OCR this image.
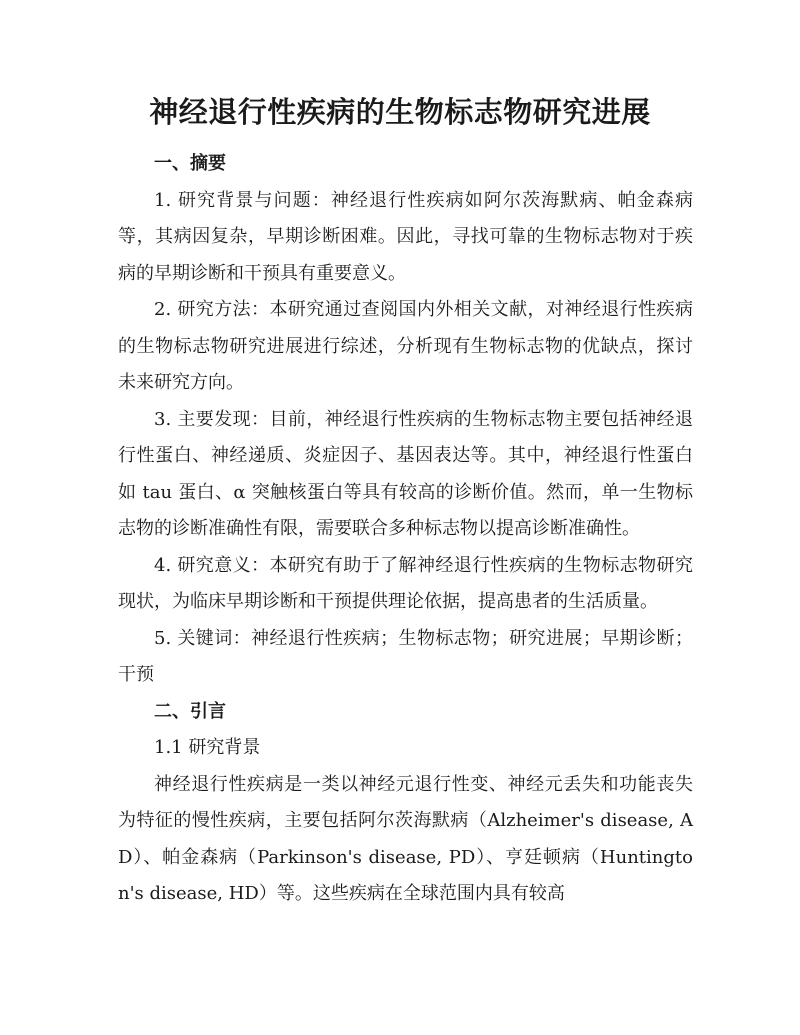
神经退行性疾病的生物标志物研究进展

一、摘要

1. 研究背景与问题：神经退行性疾病如阿尔茨海默病、帕金森病等，其病因复杂，早期诊断困难。因此，寻找可靠的生物标志物对于疾病的早期诊断和干预具有重要意义。

2. 研究方法：本研究通过查阅国内外相关文献，对神经退行性疾病的生物标志物研究进展进行综述，分析现有生物标志物的优缺点，探讨未来研究方向。

3. 主要发现：目前，神经退行性疾病的生物标志物主要包括神经退行性蛋白、神经递质、炎症因子、基因表达等。其中，神经退行性蛋白如 tau 蛋白、α 突触核蛋白等具有较高的诊断价值。然而，单一生物标志物的诊断准确性有限，需要联合多种标志物以提高诊断准确性。

4. 研究意义：本研究有助于了解神经退行性疾病的生物标志物研究现状，为临床早期诊断和干预提供理论依据，提高患者的生活质量。

5. 关键词：神经退行性疾病；生物标志物；研究进展；早期诊断；干预

二、引言

1.1 研究背景

神经退行性疾病是一类以神经元退行性变、神经元丢失和功能丧失为特征的慢性疾病，主要包括阿尔茨海默病（Alzheimer's disease, AD）、帕金森病（Parkinson's disease, PD）、亨廷顿病（Huntington's disease, HD）等。这些疾病在全球范围内具有较高
